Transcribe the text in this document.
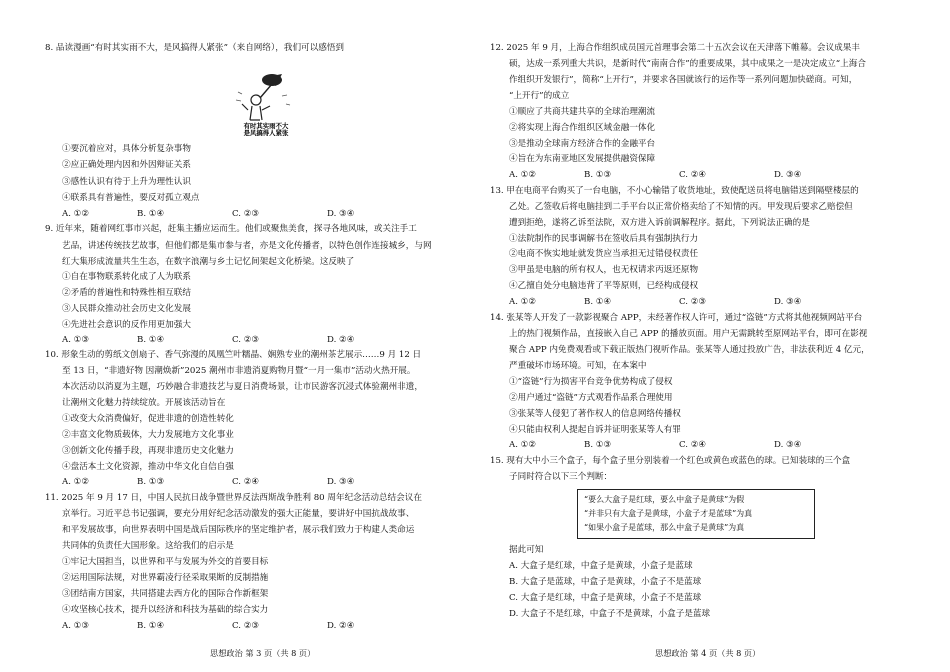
8. 品读漫画“有时其实雨不大，是风搞得人紧张”（来自网络），我们可以感悟到
有时其实雨不大
是风搞得人紧张
①要沉着应对，具体分析复杂事物
②应正确处理内因和外因辩证关系
③感性认识有待于上升为理性认识
④联系具有普遍性，要反对孤立观点
A. ①②	B. ①④	C. ②③	D. ③④
9. 近年来，随着网红事市兴起，赶集主播应运而生。他们或聚焦美食，探寻各地风味，或关注手工
艺品，讲述传统技艺故事，但他们都是集市参与者，亦是文化传播者，以特色创作连接城乡，与网
红大集形成流量共生生态，在数字浪潮与乡土记忆间架起文化桥梁。这反映了
①自在事物联系转化成了人为联系
②矛盾的普遍性和特殊性相互联结
③人民群众推动社会历史文化发展
④先进社会意识的反作用更加强大
A. ①③	B. ①④	C. ②③	D. ②④
10. 形象生动的剪纸文创扇子、香气弥漫的凤凰竺叶糯晶、娴熟专业的潮州茶艺展示……9 月 12 日
至 13 日，“非遗好物 因潮焕新”2025 潮州市非遗消夏购物月暨“一月一集市”活动火热开展。
本次活动以消夏为主题，巧妙融合非遗技艺与夏日消费场景，让市民游客沉浸式体验潮州非遗，
让潮州文化魅力持续绽放。开展该活动旨在
①改变大众消费偏好，促进非遗的创造性转化
②丰富文化物质载体，大力发展地方文化事业
③创新文化传播手段，再现非遗历史文化魅力
④盘活本土文化资源，推动中华文化自信自强
A. ①②	B. ①③	C. ②④	D. ③④
11. 2025 年 9 月 17 日，中国人民抗日战争暨世界反法西斯战争胜利 80 周年纪念活动总结会议在
京举行。习近平总书记强调，要充分用好纪念活动激发的强大正能量，要讲好中国抗战故事、
和平发展故事，向世界表明中国是战后国际秩序的坚定维护者，展示我们致力于构建人类命运
共同体的负责任大国形象。这给我们的启示是
①牢记大国担当，以世界和平与发展为外交的首要目标
②运用国际法规，对世界霸凌行径采取果断的反制措施
③团结南方国家，共同搭建去西方化的国际合作新框架
④攻坚核心技术，提升以经济和科技为基础的综合实力
A. ①③	B. ①④	C. ②③	D. ②④
思想政治 第 3 页（共 8 页）
12. 2025 年 9 月，上海合作组织成员国元首理事会第二十五次会议在天津落下帷幕。会议成果丰
硕，达成一系列重大共识，是新时代“南南合作”的重要成果，其中成果之一是决定成立“上海合
作组织开发银行”，简称“上开行”，并要求各国就该行的运作等一系列问题加快磋商。可知，
“上开行”的成立
①顺应了共商共建共享的全球治理潮流
②将实现上海合作组织区域金融一体化
③是推动全球南方经济合作的金融平台
④旨在为东南亚地区发展提供融资保障
A. ①②	B. ①③	C. ②④	D. ③④
13. 甲在电商平台购买了一台电脑，不小心输错了收货地址，致使配送员将电脑错送到隔壁楼层的
乙处。乙签收后将电脑挂到二手平台以正常价格卖给了不知情的丙。甲发现后要求乙赔偿但
遭到拒绝，遂将乙诉至法院，双方进入诉前调解程序。据此，下列说法正确的是
①法院制作的民事调解书在签收后具有强制执行力
②电商不恢实地址就发货应当承担无过错侵权责任
③甲虽是电脑的所有权人，也无权请求丙返还原物
④乙擅自处分电脑违背了平等原则，已经构成侵权
A. ①②	B. ①④	C. ②③	D. ③④
14. 张某等人开发了一款影视聚合 APP，未经著作权人许可，通过“盗链”方式将其他视频网站平台
上的热门视频作品，直接嵌入自己 APP 的播放页面。用户无需跳转至原网站平台，即可在影视
聚合 APP 内免费观看或下载正版热门视听作品。张某等人通过投放广告，非法获利近 4 亿元，
严重破坏市场环境。可知，在本案中
①“盗链”行为损害平台竞争优势构成了侵权
②用户通过“盗链”方式观看作品系合理使用
③张某等人侵犯了著作权人的信息网络传播权
④只能由权利人提起自诉并证明张某等人有罪
A. ①②	B. ①③	C. ②④	D. ③④
15. 现有大中小三个盒子，每个盒子里分别装着一个红色或黄色或蓝色的球。已知装球的三个盒
子同时符合以下三个判断：
“要么大盒子是红球，要么中盒子是黄球”为假
“并非只有大盒子是黄球，小盒子才是蓝球”为真
“如果小盒子是蓝球，那么中盒子是黄球”为真
据此可知
A. 大盒子是红球，中盒子是黄球，小盒子是蓝球
B. 大盒子是蓝球，中盒子是黄球，小盒子不是蓝球
C. 大盒子是红球，中盒子是黄球，小盒子不是蓝球
D. 大盒子不是红球，中盒子不是黄球，小盒子是蓝球
思想政治 第 4 页（共 8 页）
